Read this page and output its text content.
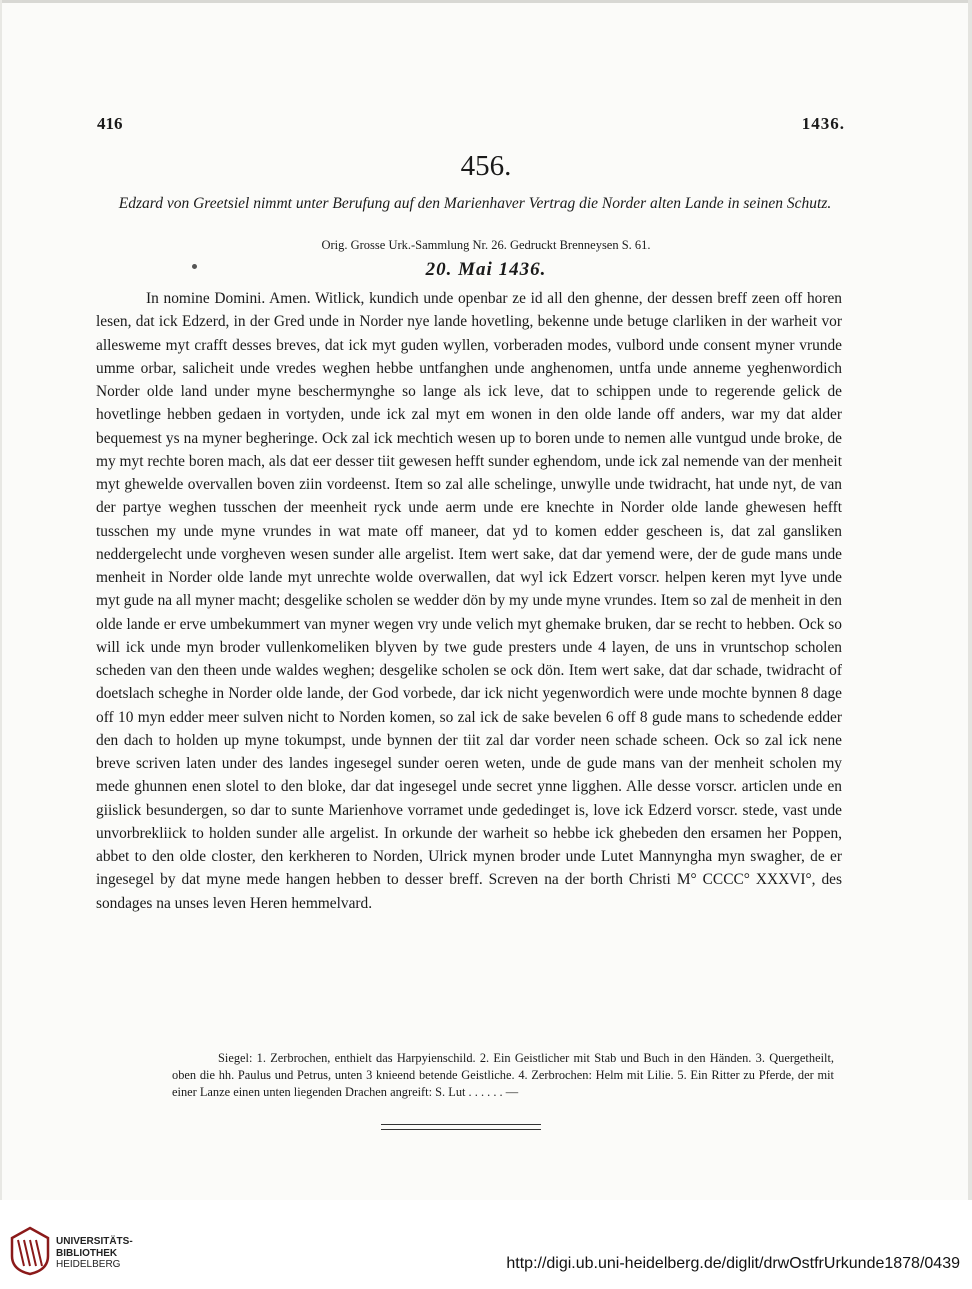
416	1436.
456.
Edzard von Greetsiel nimmt unter Berufung auf den Marienhaver Vertrag die Norder alten Lande in seinen Schutz.
Orig. Grosse Urk.-Sammlung Nr. 26. Gedruckt Brenneysen S. 61.
20. Mai 1436.

In nomine Domini. Amen. Witlick, kundich unde openbar ze id all den ghenne, der dessen breff zeen off horen lesen, dat ick Edzerd, in der Gred unde in Norder nye lande hovetling, bekenne unde betuge clarliken in der warheit vor allesweme myt crafft desses breves, dat ick myt guden wyllen, vorberaden modes, vulbord unde consent myner vrunde umme orbar, salicheit unde vredes weghen hebbe untfanghen unde anghenomen, untfa unde anneme yeghenwordich Norder olde land under myne beschermynghe so lange als ick leve, dat to schippen unde to regerende gelick de hovetlinge hebben gedaen in vortyden, unde ick zal myt em wonen in den olde lande off anders, war my dat alder bequemest ys na myner begheringe. Ock zal ick mechtich wesen up to boren unde to nemen alle vuntgud unde broke, de my myt rechte boren mach, als dat eer desser tiit gewesen hefft sunder eghendom, unde ick zal nemende van der menheit myt ghewelde overvallen boven ziin vordeenst. Item so zal alle schelinge, unwylle unde twidracht, hat unde nyt, de van der partye weghen tusschen der meenheit ryck unde aerm unde ere knechte in Norder olde lande ghewesen hefft tusschen my unde myne vrundes in wat mate off maneer, dat yd to komen edder gescheen is, dat zal gansliken neddergelecht unde vorgheven wesen sunder alle argelist. Item wert sake, dat dar yemend were, der de gude mans unde menheit in Norder olde lande myt unrechte wolde overwallen, dat wyl ick Edzert vorscr. helpen keren myt lyve unde myt gude na all myner macht; desgelike scholen se wedder dön by my unde myne vrundes. Item so zal de menheit in den olde lande er erve umbekummert van myner wegen vry unde velich myt ghemake bruken, dar se recht to hebben. Ock so will ick unde myn broder vullenkomeliken blyven by twe gude presters unde 4 layen, de uns in vruntschop scholen scheden van den theen unde waldes weghen; desgelike scholen se ock dön. Item wert sake, dat dar schade, twidracht of doetslach scheghe in Norder olde lande, der God vorbede, dar ick nicht yegenwordich were unde mochte bynnen 8 dage off 10 myn edder meer sulven nicht to Norden komen, so zal ick de sake bevelen 6 off 8 gude mans to schedende edder den dach to holden up myne tokumpst, unde bynnen der tiit zal dar vorder neen schade scheen. Ock so zal ick nene breve scriven laten under des landes ingesegel sunder oeren weten, unde de gude mans van der menheit scholen my mede ghunnen enen slotel to den bloke, dar dat ingesegel unde secret ynne ligghen. Alle desse vorscr. articlen unde en giislick besundergen, so dar to sunte Marienhove vorramet unde gededinget is, love ick Edzerd vorscr. stede, vast unde unvorbrekliick to holden sunder alle argelist. In orkunde der warheit so hebbe ick ghebeden den ersamen her Poppen, abbet to den olde closter, den kerkheren to Norden, Ulrick mynen broder unde Lutet Mannyngha myn swagher, de er ingesegel by dat myne mede hangen hebben to desser breff. Screven na der borth Christi M° CCCC° XXXVI°, des sondages na unses leven Heren hemmelvard.

Siegel: 1. Zerbrochen, enthielt das Harpyienschild. 2. Ein Geistlicher mit Stab und Buch in den Händen. 3. Quergetheilt, oben die hh. Paulus und Petrus, unten 3 knieend betende Geistliche. 4. Zerbrochen: Helm mit Lilie. 5. Ein Ritter zu Pferde, der mit einer Lanze einen unten liegenden Drachen angreift: S. Lut . . . . . . —

UNIVERSITÄTS-
BIBLIOTHEK
HEIDELBERG	http://digi.ub.uni-heidelberg.de/diglit/drwOstfrUrkunde1878/0439
